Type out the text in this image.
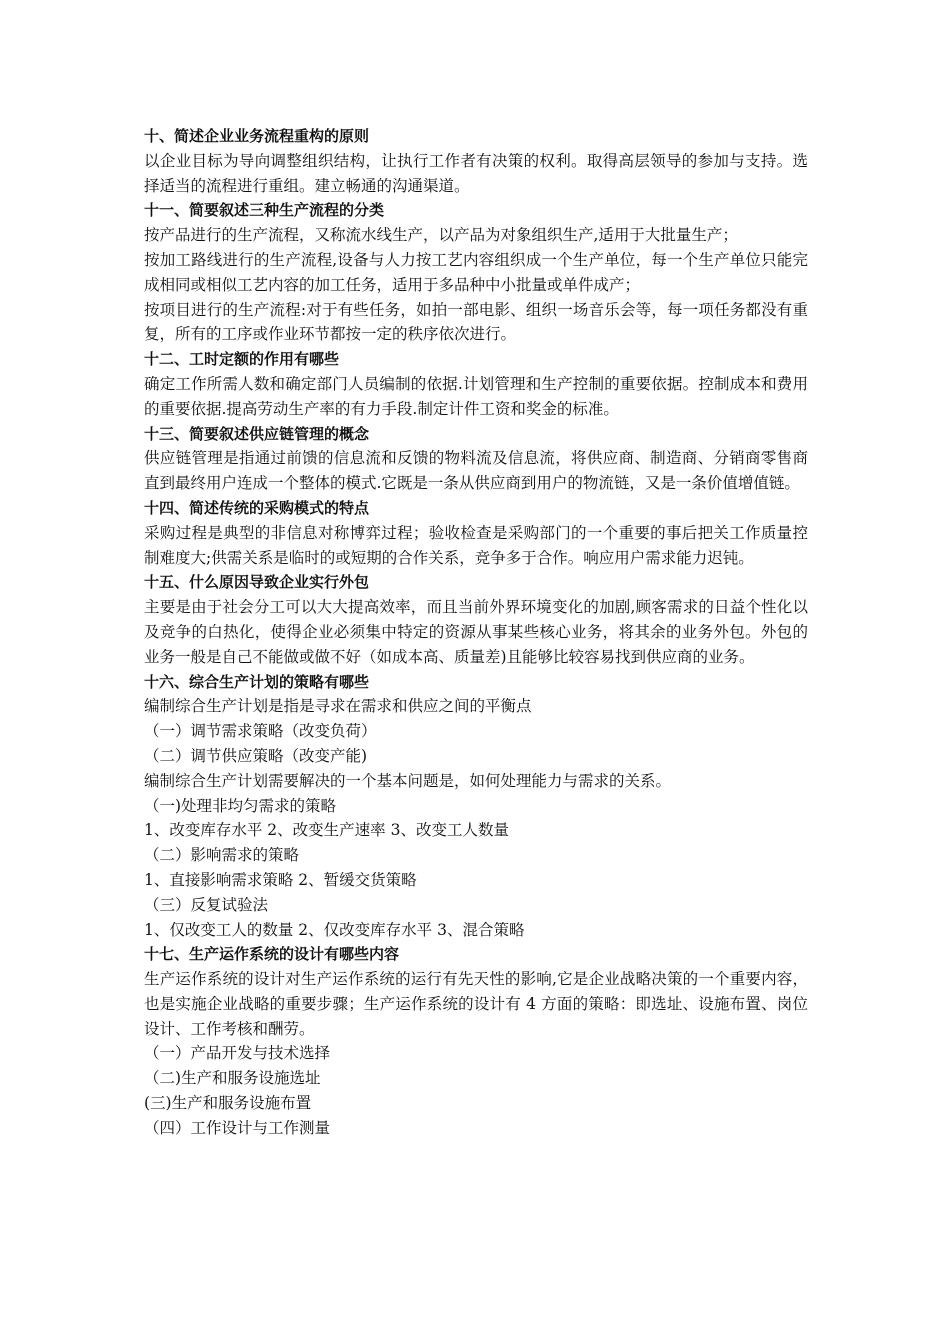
十、简述企业业务流程重构的原则

以企业目标为导向调整组织结构，让执行工作者有决策的权利。取得高层领导的参加与支持。选择适当的流程进行重组。建立畅通的沟通渠道。

十一、简要叙述三种生产流程的分类

按产品进行的生产流程，又称流水线生产，以产品为对象组织生产,适用于大批量生产；

按加工路线进行的生产流程,设备与人力按工艺内容组织成一个生产单位，每一个生产单位只能完成相同或相似工艺内容的加工任务，适用于多品种中小批量或单件成产；

按项目进行的生产流程:对于有些任务，如拍一部电影、组织一场音乐会等，每一项任务都没有重复，所有的工序或作业环节都按一定的秩序依次进行。

十二、工时定额的作用有哪些

确定工作所需人数和确定部门人员编制的依据.计划管理和生产控制的重要依据。控制成本和费用的重要依据.提高劳动生产率的有力手段.制定计件工资和奖金的标准。

十三、简要叙述供应链管理的概念

供应链管理是指通过前馈的信息流和反馈的物料流及信息流，将供应商、制造商、分销商零售商直到最终用户连成一个整体的模式.它既是一条从供应商到用户的物流链，又是一条价值增值链。

十四、简述传统的采购模式的特点

采购过程是典型的非信息对称博弈过程；验收检查是采购部门的一个重要的事后把关工作质量控制难度大;供需关系是临时的或短期的合作关系，竞争多于合作。响应用户需求能力迟钝。

十五、什么原因导致企业实行外包

主要是由于社会分工可以大大提高效率，而且当前外界环境变化的加剧,顾客需求的日益个性化以及竞争的白热化，使得企业必须集中特定的资源从事某些核心业务，将其余的业务外包。外包的业务一般是自己不能做或做不好（如成本高、质量差)且能够比较容易找到供应商的业务。

十六、综合生产计划的策略有哪些

编制综合生产计划是指是寻求在需求和供应之间的平衡点

（一）调节需求策略（改变负荷）

（二）调节供应策略（改变产能)

编制综合生产计划需要解决的一个基本问题是，如何处理能力与需求的关系。

（一)处理非均匀需求的策略

1、改变库存水平 2、改变生产速率 3、改变工人数量

（二）影响需求的策略

1、直接影响需求策略 2、暂缓交货策略

（三）反复试验法

1、仅改变工人的数量 2、仅改变库存水平 3、混合策略

十七、生产运作系统的设计有哪些内容

生产运作系统的设计对生产运作系统的运行有先天性的影响,它是企业战略决策的一个重要内容，也是实施企业战略的重要步骤；生产运作系统的设计有 4 方面的策略：即选址、设施布置、岗位设计、工作考核和酬劳。

（一）产品开发与技术选择

（二)生产和服务设施选址

(三)生产和服务设施布置

（四）工作设计与工作测量
